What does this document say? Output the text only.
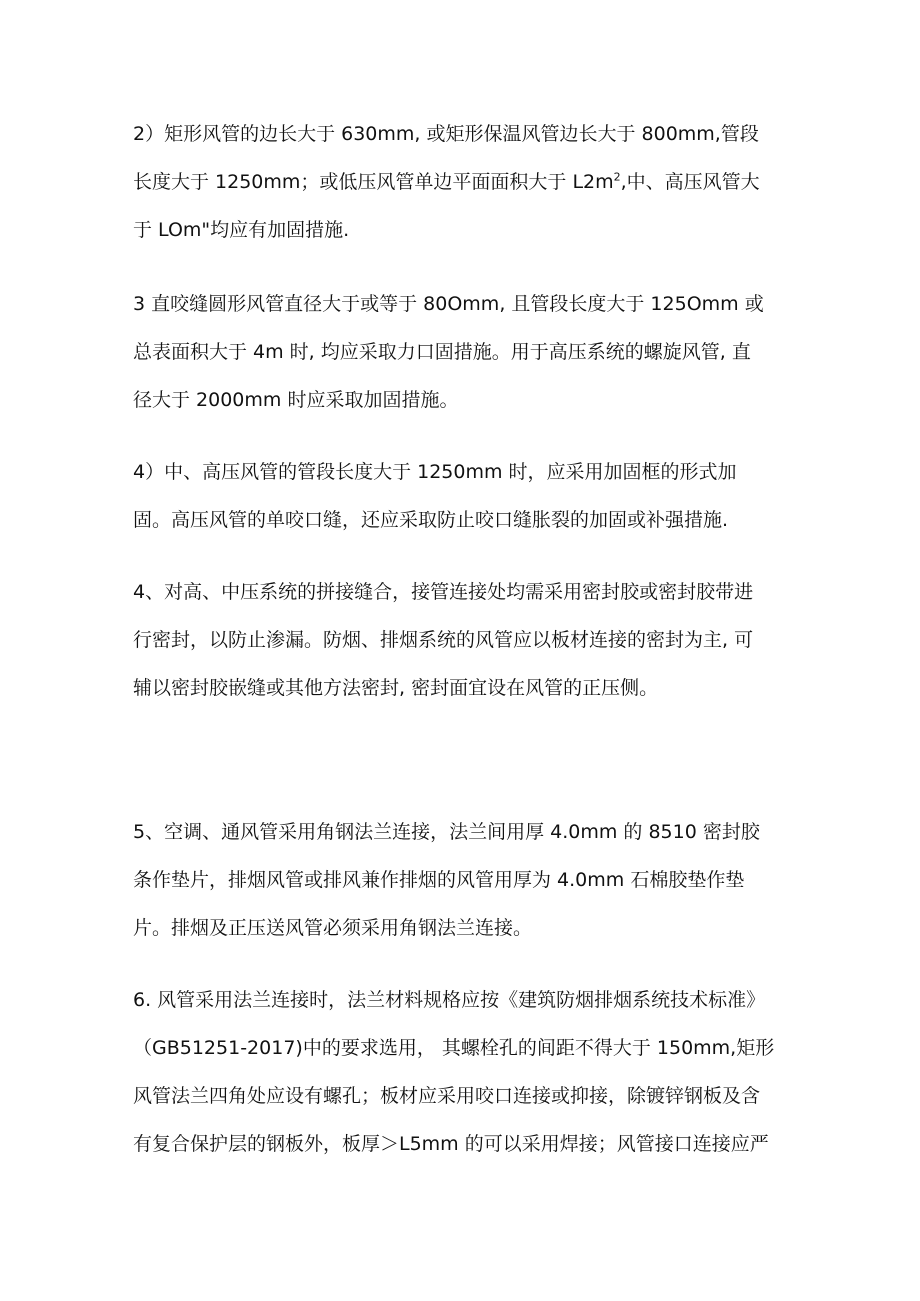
2）矩形风管的边长大于 630mm, 或矩形保温风管边长大于 800mm,管段
长度大于 1250mm；或低压风管单边平面面积大于 $L2m^2$,中、高压风管大
于 LOm"均应有加固措施.
3 直咬缝圆形风管直径大于或等于 80Omm, 且管段长度大于 125Omm 或
总表面积大于 4m 时, 均应采取力口固措施。用于高压系统的螺旋风管, 直
径大于 2000mm 时应采取加固措施。
4）中、高压风管的管段长度大于 1250mm 时，应采用加固框的形式加
固。高压风管的单咬口缝，还应采取防止咬口缝胀裂的加固或补强措施.
4、对高、中压系统的拼接缝合，接管连接处均需采用密封胶或密封胶带进
行密封，以防止渗漏。防烟、排烟系统的风管应以板材连接的密封为主, 可
辅以密封胶嵌缝或其他方法密封, 密封面宜设在风管的正压侧。
5、空调、通风管采用角钢法兰连接，法兰间用厚 4.0mm 的 8510 密封胶
条作垫片，排烟风管或排风兼作排烟的风管用厚为 4.0mm 石棉胶垫作垫
片。排烟及正压送风管必须采用角钢法兰连接。
6. 风管采用法兰连接时，法兰材料规格应按《建筑防烟排烟系统技术标准》
（GB51251-2017)中的要求选用， 其螺栓孔的间距不得大于 150mm,矩形
风管法兰四角处应设有螺孔；板材应采用咬口连接或抑接，除镀锌钢板及含
有复合保护层的钢板外，板厚＞L5mm 的可以采用焊接；风管接口连接应严
